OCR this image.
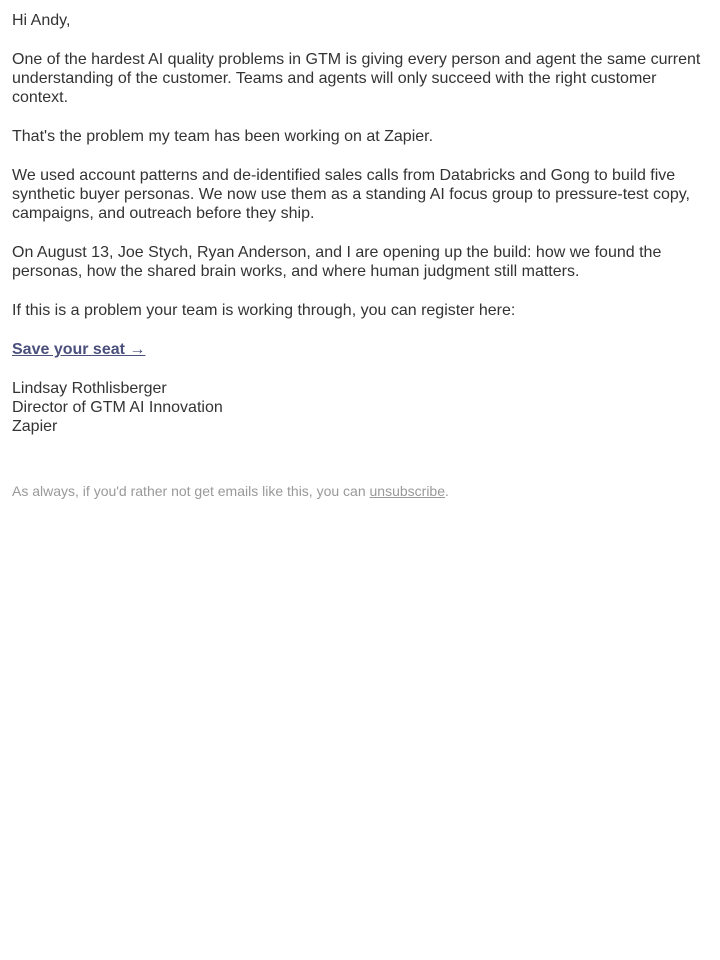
Hi Andy,

One of the hardest AI quality problems in GTM is giving every person and agent the same current understanding of the customer. Teams and agents will only succeed with the right customer context.

That's the problem my team has been working on at Zapier.

We used account patterns and de-identified sales calls from Databricks and Gong to build five synthetic buyer personas. We now use them as a standing AI focus group to pressure-test copy, campaigns, and outreach before they ship.

On August 13, Joe Stych, Ryan Anderson, and I are opening up the build: how we found the personas, how the shared brain works, and where human judgment still matters.

If this is a problem your team is working through, you can register here:

Save your seat →

Lindsay Rothlisberger

Director of GTM AI Innovation

Zapier

As always, if you'd rather not get emails like this, you can unsubscribe.
